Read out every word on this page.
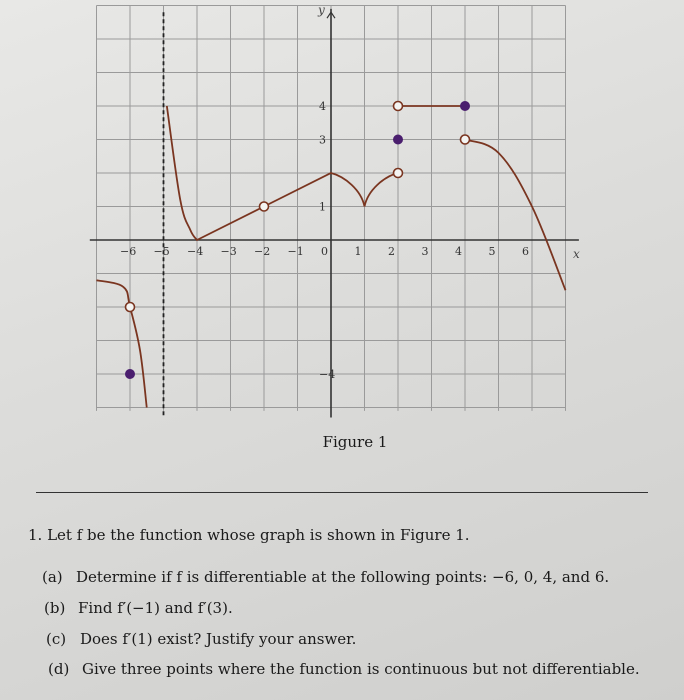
−6 −5 −4 −3 −2 −1 0 1 2 3 4 5 6
4
3
1
−4
y
x
Figure 1
1. Let f be the function whose graph is shown in Figure 1.
(a) Determine if f is differentiable at the following points: −6, 0, 4, and 6.
(b) Find f′(−1) and f′(3).
(c) Does f′(1) exist? Justify your answer.
(d) Give three points where the function is continuous but not differentiable.
